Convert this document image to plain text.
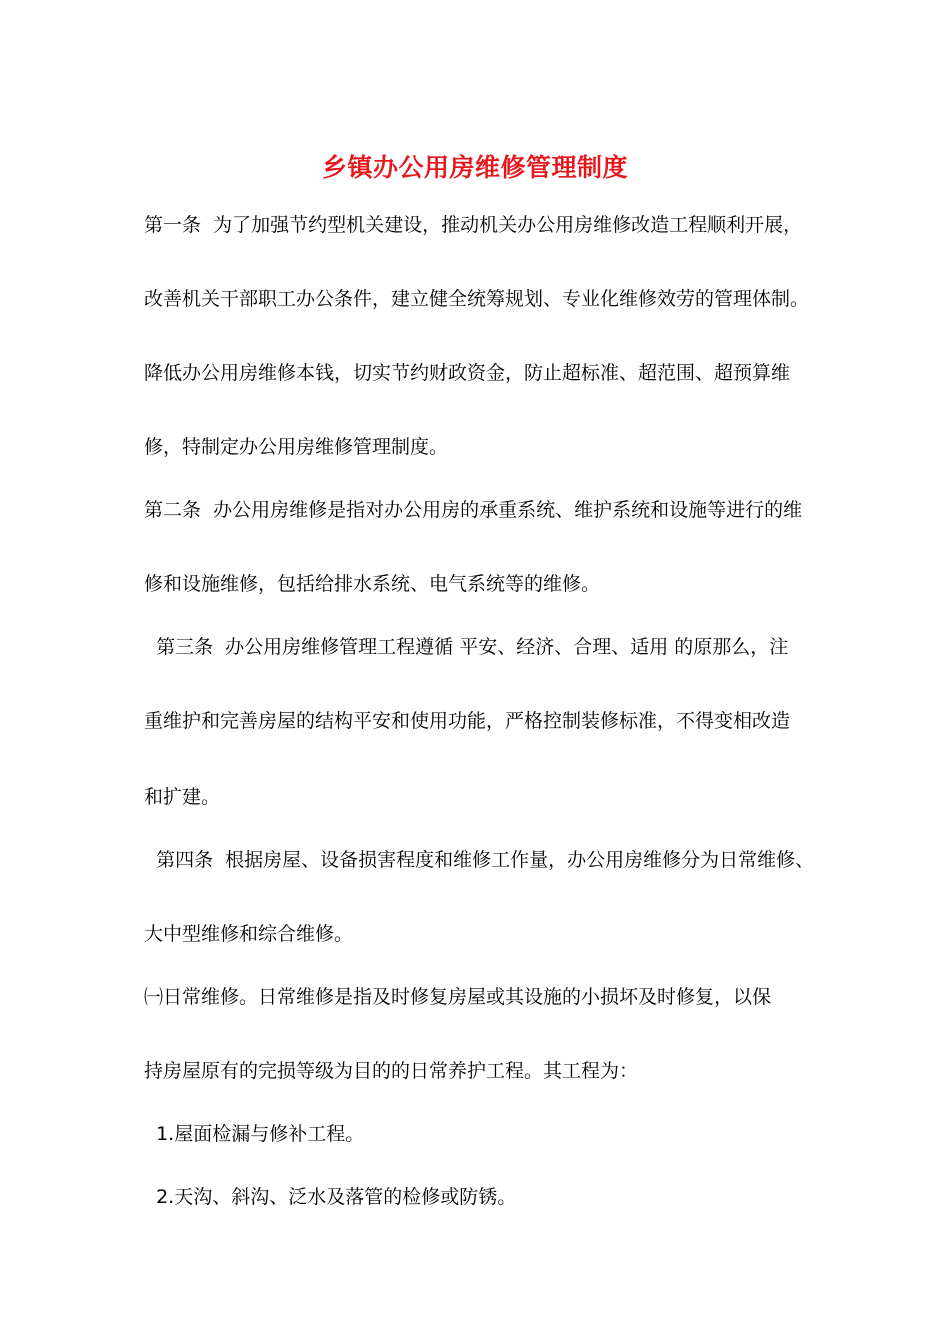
乡镇办公用房维修管理制度
第一条  为了加强节约型机关建设，推动机关办公用房维修改造工程顺利开展，
改善机关干部职工办公条件，建立健全统筹规划、专业化维修效劳的管理体制。
降低办公用房维修本钱，切实节约财政资金，防止超标准、超范围、超预算维
修，特制定办公用房维修管理制度。
第二条  办公用房维修是指对办公用房的承重系统、维护系统和设施等进行的维
修和设施维修，包括给排水系统、电气系统等的维修。
第三条  办公用房维修管理工程遵循 平安、经济、合理、适用 的原那么，注
重维护和完善房屋的结构平安和使用功能，严格控制装修标准，不得变相改造
和扩建。
第四条  根据房屋、设备损害程度和维修工作量，办公用房维修分为日常维修、
大中型维修和综合维修。
㈠日常维修。日常维修是指及时修复房屋或其设施的小损坏及时修复，以保
持房屋原有的完损等级为目的的日常养护工程。其工程为：
1.屋面检漏与修补工程。
2.天沟、斜沟、泛水及落管的检修或防锈。
